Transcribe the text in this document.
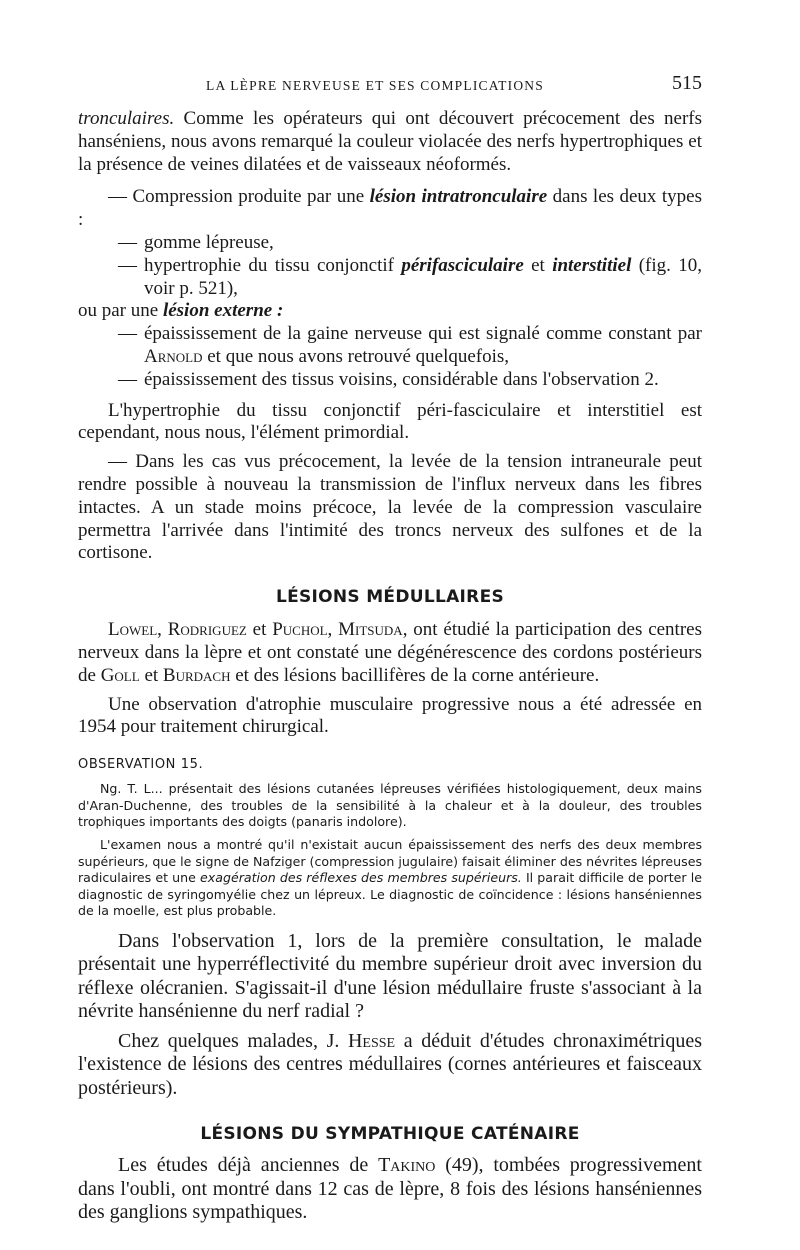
LA LÈPRE NERVEUSE ET SES COMPLICATIONS	515

tronculaires. Comme les opérateurs qui ont découvert précocement des nerfs hanséniens, nous avons remarqué la couleur violacée des nerfs hypertrophiques et la présence de veines dilatées et de vaisseaux néoformés.

— Compression produite par une lésion intratronculaire dans les deux types :

— gomme lépreuse,

— hypertrophie du tissu conjonctif périfasciculaire et interstitiel (fig. 10, voir p. 521),

ou par une lésion externe :

— épaississement de la gaine nerveuse qui est signalé comme constant par Arnold et que nous avons retrouvé quelquefois,

— épaississement des tissus voisins, considérable dans l'observation 2.

L'hypertrophie du tissu conjonctif péri-fasciculaire et interstitiel est cependant, nous nous, l'élément primordial.

— Dans les cas vus précocement, la levée de la tension intraneurale peut rendre possible à nouveau la transmission de l'influx nerveux dans les fibres intactes. A un stade moins précoce, la levée de la compression vasculaire permettra l'arrivée dans l'intimité des troncs nerveux des sulfones et de la cortisone.

LÉSIONS MÉDULLAIRES

Lowel, Rodriguez et Puchol, Mitsuda, ont étudié la participation des centres nerveux dans la lèpre et ont constaté une dégénérescence des cordons postérieurs de Goll et Burdach et des lésions bacillifères de la corne antérieure.

Une observation d'atrophie musculaire progressive nous a été adressée en 1954 pour traitement chirurgical.

OBSERVATION 15.

Ng. T. L... présentait des lésions cutanées lépreuses vérifiées histologiquement, deux mains d'Aran-Duchenne, des troubles de la sensibilité à la chaleur et à la douleur, des troubles trophiques importants des doigts (panaris indolore).

L'examen nous a montré qu'il n'existait aucun épaississement des nerfs des deux membres supérieurs, que le signe de Nafziger (compression jugulaire) faisait éliminer des névrites lépreuses radiculaires et une exagération des réflexes des membres supérieurs. Il parait difficile de porter le diagnostic de syringomyélie chez un lépreux. Le diagnostic de coïncidence : lésions hanséniennes de la moelle, est plus probable.

Dans l'observation 1, lors de la première consultation, le malade présentait une hyperréflectivité du membre supérieur droit avec inversion du réflexe olécranien. S'agissait-il d'une lésion médullaire fruste s'associant à la névrite hansénienne du nerf radial ?

Chez quelques malades, J. Hesse a déduit d'études chronaximétriques l'existence de lésions des centres médullaires (cornes antérieures et faisceaux postérieurs).

LÉSIONS DU SYMPATHIQUE CATÉNAIRE

Les études déjà anciennes de Takino (49), tombées progressivement dans l'oubli, ont montré dans 12 cas de lèpre, 8 fois des lésions hanséniennes des ganglions sympathiques.
